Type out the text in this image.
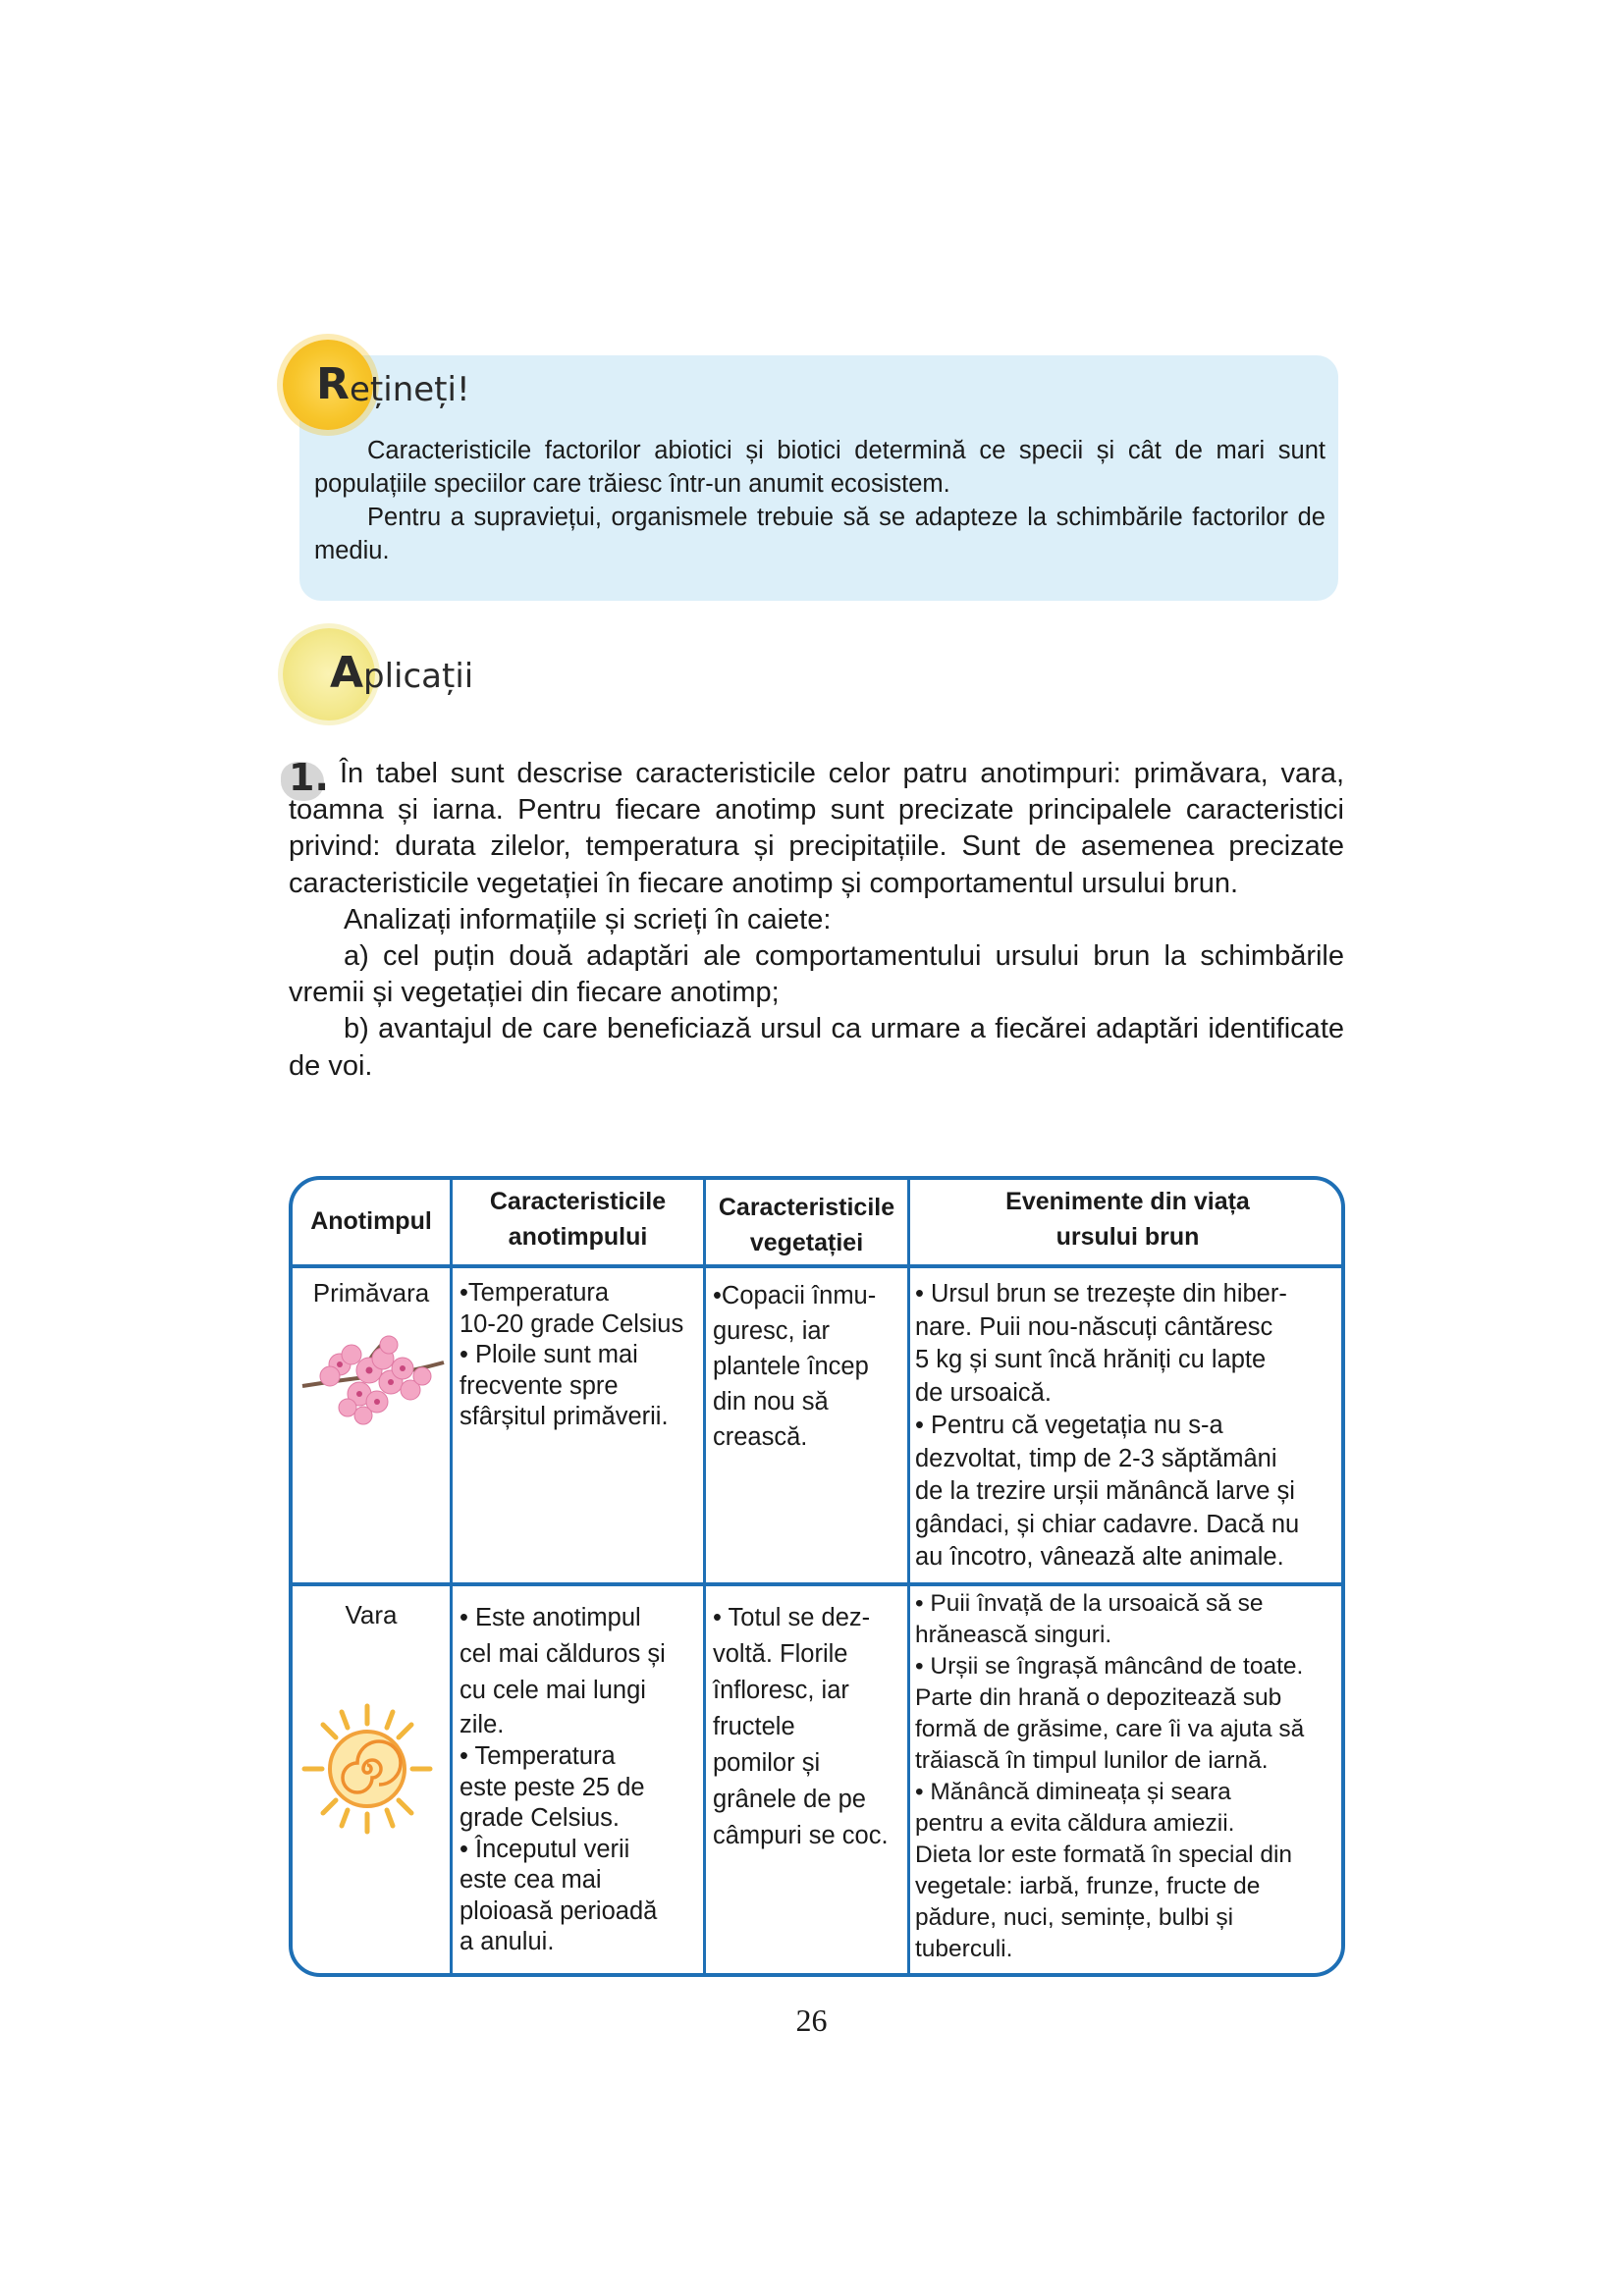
R ețineți!

Caracteristicile factorilor abiotici și biotici determină ce specii și cât de mari sunt populațiile speciilor care trăiesc într-un anumit ecosistem.

Pentru a supraviețui, organismele trebuie să se adapteze la schimbările factorilor de mediu.

A plicații
1. În tabel sunt descrise caracteristicile celor patru anotimpuri: primăvara, vara, toamna și iarna. Pentru fiecare anotimp sunt precizate principalele caracteristici privind: durata zilelor, temperatura și precipitațiile. Sunt de asemenea precizate caracteristicile vegetației în fiecare anotimp și comportamentul ursului brun.

Analizați informațiile și scrieți în caiete:

a) cel puțin două adaptări ale comportamentului ursului brun la schimbările vremii și vegetației din fiecare anotimp;

b) avantajul de care beneficiază ursul ca urmare a fiecărei adaptări identificate de voi.

Anotimpul
Caracteristicile
anotimpului
Caracteristicile
vegetației
Evenimente din viața
ursului brun
Primăvara	•Temperatura

10-20 grade Celsius

• Ploile sunt mai

frecvente spre

sfârșitul primăverii.

•Copacii înmu-

guresc, iar

plantele încep

din nou să

crească.

• Ursul brun se trezește din hiber-

nare. Puii nou-născuți cântăresc

5 kg și sunt încă hrăniți cu lapte

de ursoaică.

• Pentru că vegetația nu s-a

dezvoltat, timp de 2-3 săptămâni

de la trezire urșii mănâncă larve și

gândaci, și chiar cadavre. Dacă nu

au încotro, vânează alte animale.

Vara	• Este anotimpul

cel mai călduros și

cu cele mai lungi

zile.

• Temperatura

este peste 25 de

grade Celsius.

• Începutul verii

este cea mai

ploioasă perioadă

a anului.

• Totul se dez-

voltă. Florile

înfloresc, iar

fructele

pomilor și

grânele de pe

câmpuri se coc.

• Puii învață de la ursoaică să se

hrănească singuri.

• Urșii se îngrașă mâncând de toate.

Parte din hrană o depozitează sub

formă de grăsime, care îi va ajuta să

trăiască în timpul lunilor de iarnă.

• Mănâncă dimineața și seara

pentru a evita căldura amiezii.

Dieta lor este formată în special din

vegetale: iarbă, frunze, fructe de

pădure, nuci, semințe, bulbi și

tuberculi.

26
